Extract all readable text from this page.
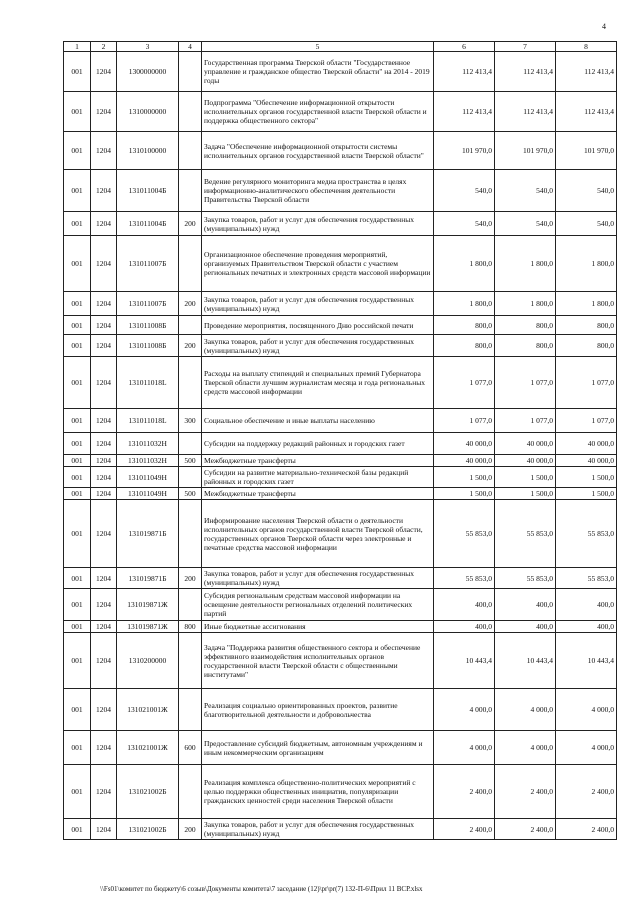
4
1	2	3	4	5	6	7	8
001	1204	1300000000		Государственная программа Тверской области "Государственное управление и гражданское общество Тверской области" на 2014 - 2019 годы	112 413,4	112 413,4	112 413,4
001	1204	1310000000		Подпрограмма "Обеспечение информационной открытости исполнительных органов государственной власти Тверской области и поддержка общественного сектора"	112 413,4	112 413,4	112 413,4
001	1204	1310100000		Задача "Обеспечение информационной открытости системы исполнительных органов государственной власти Тверской области"	101 970,0	101 970,0	101 970,0
001	1204	131011004Б		Ведение регулярного мониторинга медиа пространства в целях информационно-аналитического обеспечения деятельности Правительства Тверской области	540,0	540,0	540,0
001	1204	131011004Б	200	Закупка товаров, работ и услуг для обеспечения государственных (муниципальных) нужд	540,0	540,0	540,0
001	1204	131011007Б		Организационное обеспечение проведения мероприятий, организуемых Правительством Тверской области с участием региональных печатных и электронных средств массовой информации	1 800,0	1 800,0	1 800,0
001	1204	131011007Б	200	Закупка товаров, работ и услуг для обеспечения государственных (муниципальных) нужд	1 800,0	1 800,0	1 800,0
001	1204	131011008Б		Проведение мероприятия, посвященного Дню российской печати	800,0	800,0	800,0
001	1204	131011008Б	200	Закупка товаров, работ и услуг для обеспечения государственных (муниципальных) нужд	800,0	800,0	800,0
001	1204	131011018L		Расходы на выплату стипендий и специальных премий Губернатора Тверской области лучшим журналистам месяца и года региональных средств массовой информации	1 077,0	1 077,0	1 077,0
001	1204	131011018L	300	Социальное обеспечение и иные выплаты населению	1 077,0	1 077,0	1 077,0
001	1204	131011032Н		Субсидии на поддержку редакций районных и городских газет	40 000,0	40 000,0	40 000,0
001	1204	131011032Н	500	Межбюджетные трансферты	40 000,0	40 000,0	40 000,0
001	1204	131011049Н		Субсидии на развитие материально-технической базы редакций районных и городских газет	1 500,0	1 500,0	1 500,0
001	1204	131011049Н	500	Межбюджетные трансферты	1 500,0	1 500,0	1 500,0
001	1204	131019871Б		Информирование населения Тверской области о деятельности исполнительных органов государственной власти Тверской области, государственных органов Тверской области через электронные и печатные средства массовой информации	55 853,0	55 853,0	55 853,0
001	1204	131019871Б	200	Закупка товаров, работ и услуг для обеспечения государственных (муниципальных) нужд	55 853,0	55 853,0	55 853,0
001	1204	131019871Ж		Субсидия региональным средствам массовой информации на освещение деятельности региональных отделений политических партий	400,0	400,0	400,0
001	1204	131019871Ж	800	Иные бюджетные ассигнования	400,0	400,0	400,0
001	1204	1310200000		Задача "Поддержка развития общественного сектора и обеспечение эффективного взаимодействия исполнительных органов государственной власти Тверской области с общественными институтами"	10 443,4	10 443,4	10 443,4
001	1204	131021001Ж		Реализация социально ориентированных проектов, развитие благотворительной деятельности и добровольчества	4 000,0	4 000,0	4 000,0
001	1204	131021001Ж	600	Предоставление субсидий бюджетным, автономным учреждениям и иным некоммерческим организациям	4 000,0	4 000,0	4 000,0
001	1204	131021002Б		Реализация комплекса общественно-политических мероприятий с целью поддержки общественных инициатив, популяризации гражданских ценностей среди населения Тверской области	2 400,0	2 400,0	2 400,0
001	1204	131021002Б	200	Закупка товаров, работ и услуг для обеспечения государственных (муниципальных) нужд	2 400,0	2 400,0	2 400,0
\\Fs01\комитет по бюджету\6 созыв\Документы комитета\7 заседание (12)\pr\pr(7) 132-П-6\Прил 11 ВСР.xlsx
